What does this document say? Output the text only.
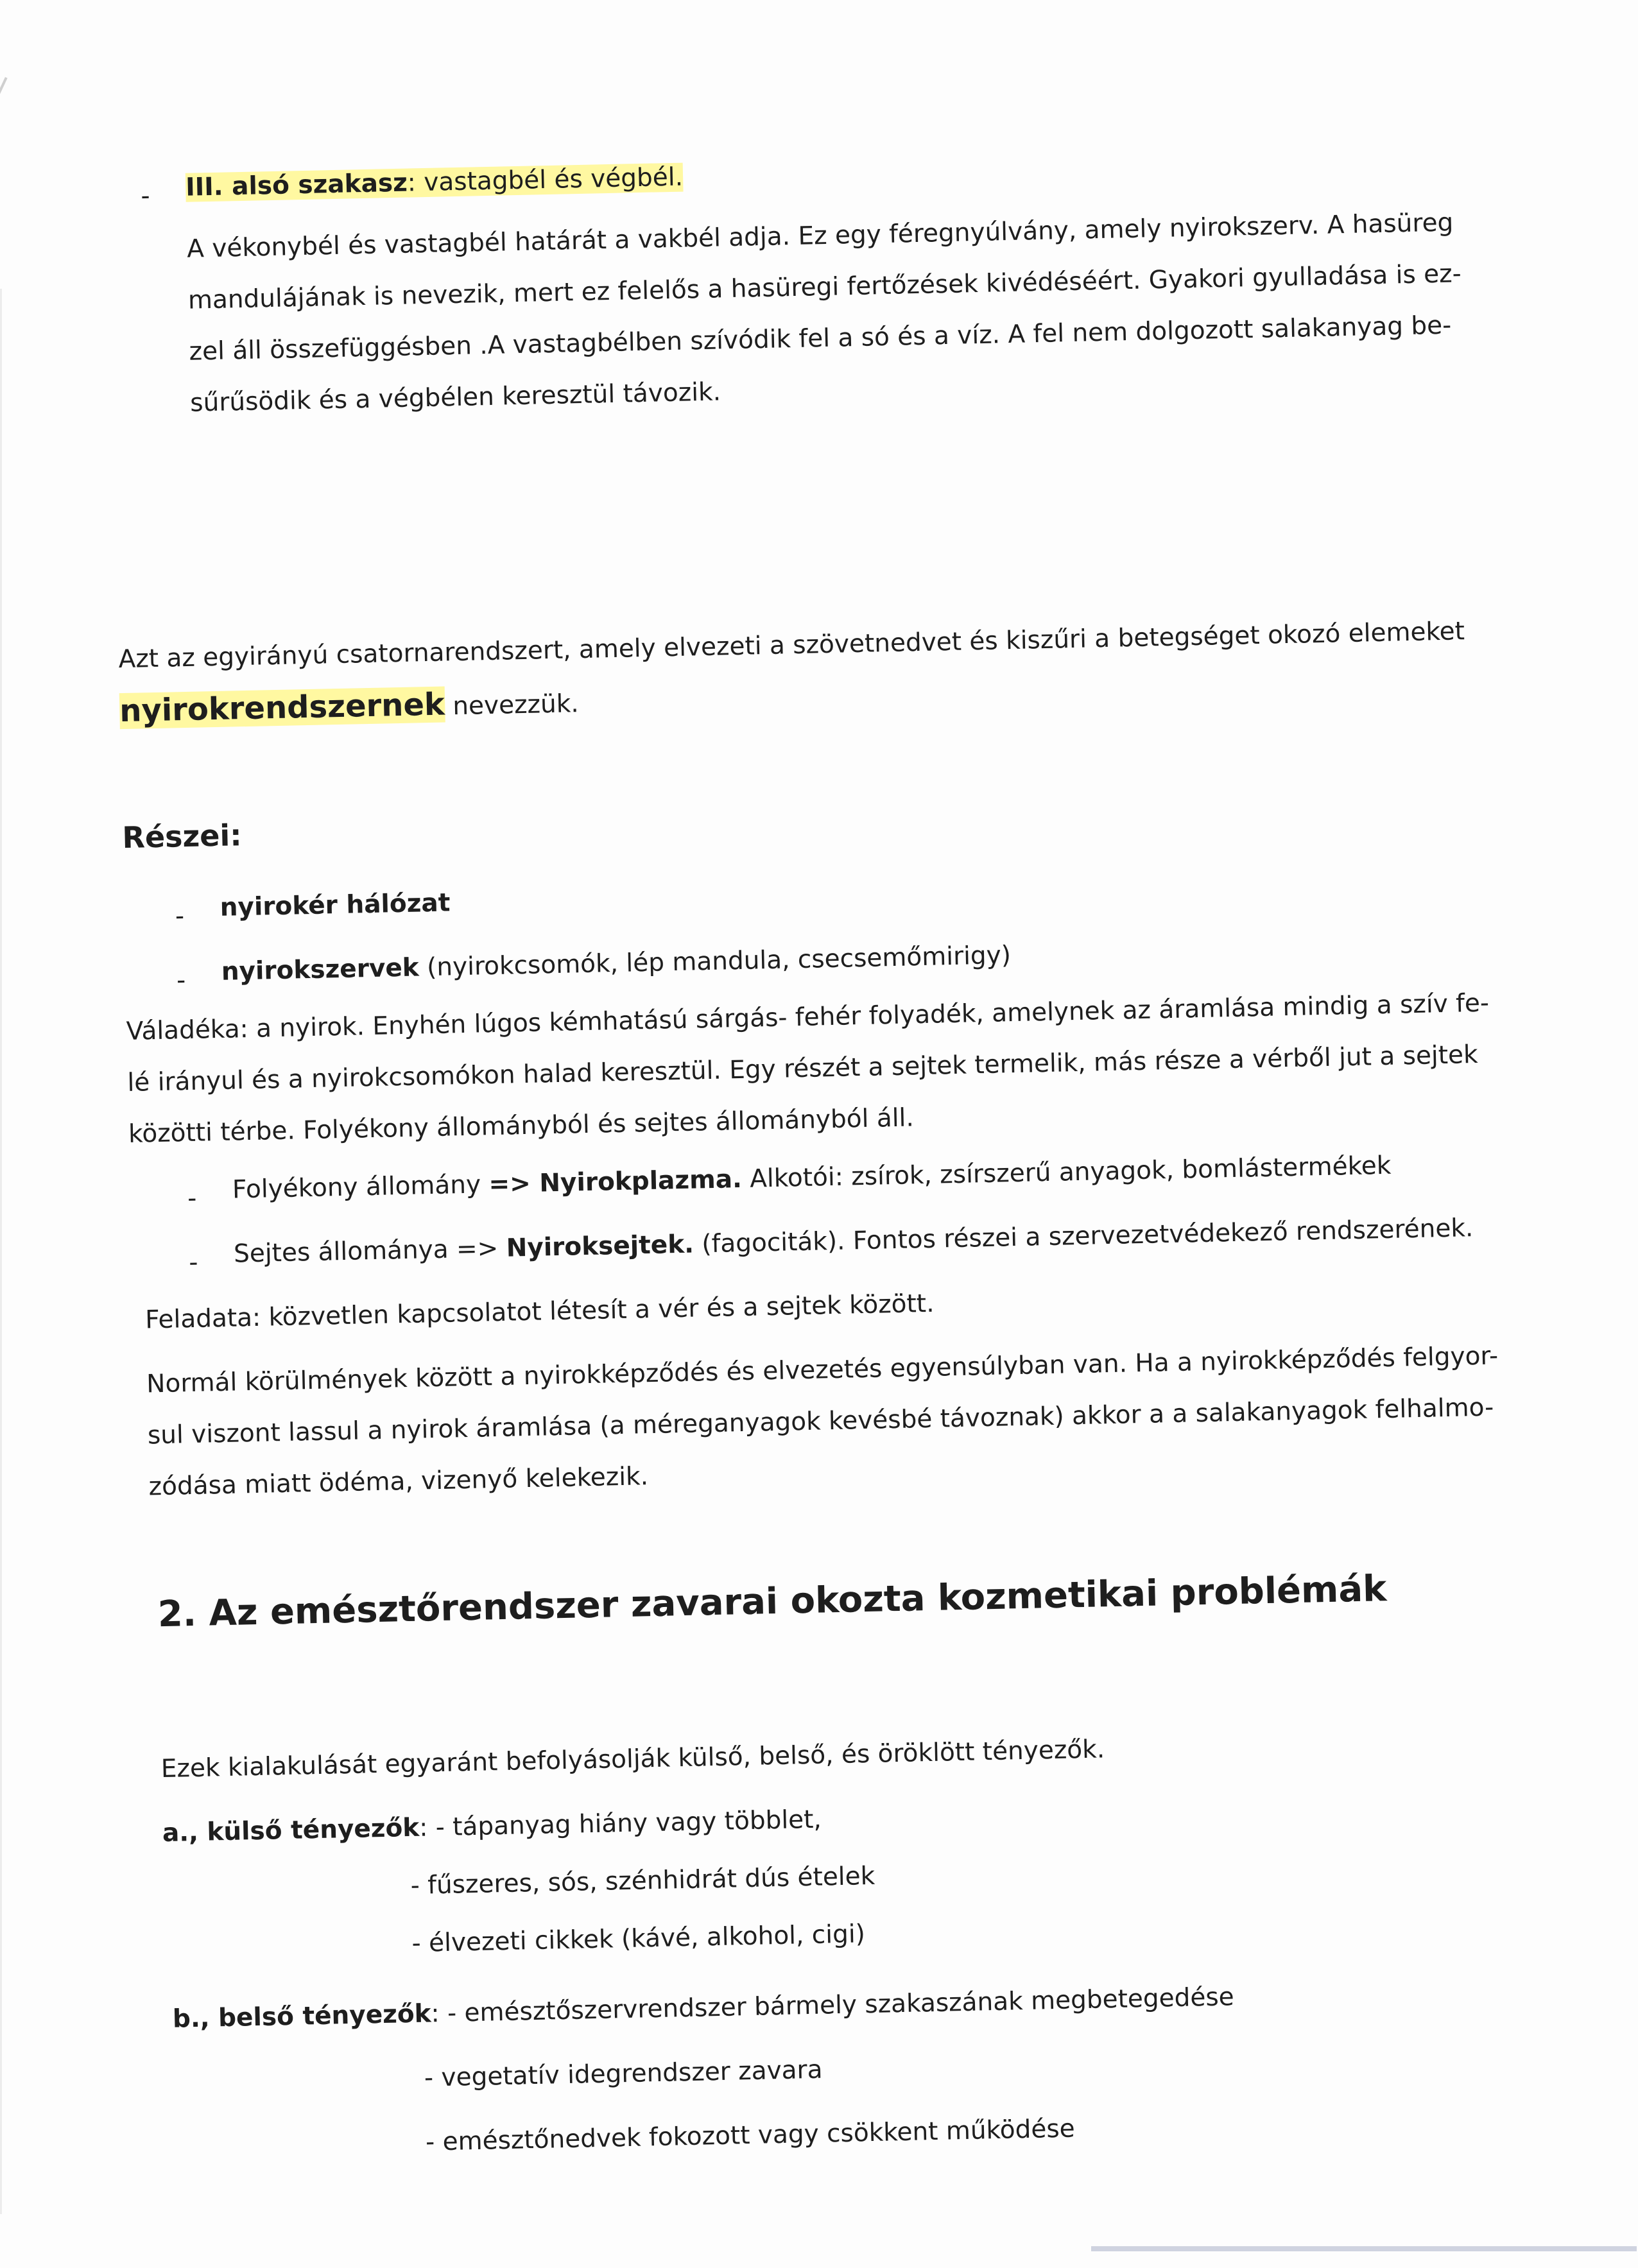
- III. alsó szakasz: vastagbél és végbél.
A vékonybél és vastagbél határát a vakbél adja. Ez egy féregnyúlvány, amely nyirokszerv. A hasüreg
mandulájának is nevezik, mert ez felelős a hasüregi fertőzések kivédéséért. Gyakori gyulladása is ez-
zel áll összefüggésben .A vastagbélben szívódik fel a só és a víz. A fel nem dolgozott salakanyag be-
sűrűsödik és a végbélen keresztül távozik.
Azt az egyirányú csatornarendszert, amely elvezeti a szövetnedvet és kiszűri a betegséget okozó elemeket
nyirokrendszernek nevezzük.
Részei:
- nyirokér hálózat
- nyirokszervek (nyirokcsomók, lép mandula, csecsemőmirigy)
Váladéka: a nyirok. Enyhén lúgos kémhatású sárgás- fehér folyadék, amelynek az áramlása mindig a szív fe-
lé irányul és a nyirokcsomókon halad keresztül. Egy részét a sejtek termelik, más része a vérből jut a sejtek
közötti térbe. Folyékony állományból és sejtes állományból áll.
- Folyékony állomány => Nyirokplazma. Alkotói: zsírok, zsírszerű anyagok, bomlástermékek
- Sejtes állománya => Nyiroksejtek. (fagociták). Fontos részei a szervezetvédekező rendszerének.
Feladata: közvetlen kapcsolatot létesít a vér és a sejtek között.
Normál körülmények között a nyirokképződés és elvezetés egyensúlyban van. Ha a nyirokképződés felgyor-
sul viszont lassul a nyirok áramlása (a méreganyagok kevésbé távoznak) akkor a a salakanyagok felhalmo-
zódása miatt ödéma, vizenyő kelekezik.
2. Az emésztőrendszer zavarai okozta kozmetikai problémák
Ezek kialakulását egyaránt befolyásolják külső, belső, és öröklött tényezők.
a., külső tényezők: - tápanyag hiány vagy többlet,
- fűszeres, sós, szénhidrát dús ételek
- élvezeti cikkek (kávé, alkohol, cigi)
b., belső tényezők: - emésztőszervrendszer bármely szakaszának megbetegedése
- vegetatív idegrendszer zavara
- emésztőnedvek fokozott vagy csökkent működése
